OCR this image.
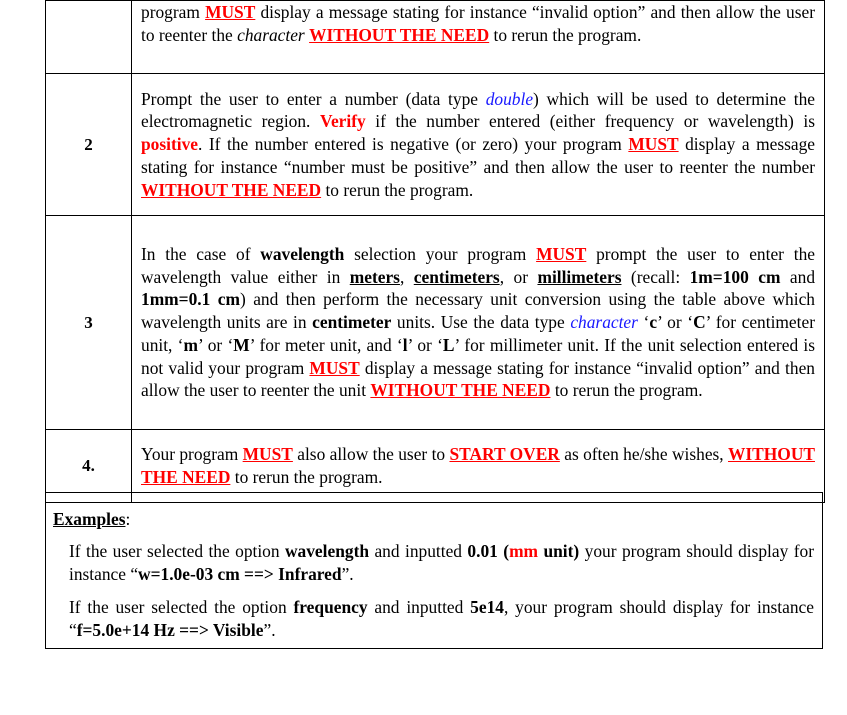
	program MUST display a message stating for instance “invalid option” and then allow the user to reenter the character WITHOUT THE NEED to rerun the program.
2	Prompt the user to enter a number (data type double) which will be used to determine the electromagnetic region. Verify if the number entered (either frequency or wavelength) is positive. If the number entered is negative (or zero) your program MUST display a message stating for instance “number must be positive” and then allow the user to reenter the number WITHOUT THE NEED to rerun the program.
3	In the case of wavelength selection your program MUST prompt the user to enter the wavelength value either in meters, centimeters, or millimeters (recall: 1m=100 cm and 1mm=0.1 cm) and then perform the necessary unit conversion using the table above which wavelength units are in centimeter units. Use the data type character ‘c’ or ‘C’ for centimeter unit, ‘m’ or ‘M’ for meter unit, and ‘l’ or ‘L’ for millimeter unit. If the unit selection entered is not valid your program MUST display a message stating for instance “invalid option” and then allow the user to reenter the unit WITHOUT THE NEED to rerun the program.
4.	Your program MUST also allow the user to START OVER as often he/she wishes, WITHOUT THE NEED to rerun the program.
Examples:
If the user selected the option wavelength and inputted 0.01 (mm unit) your program should display for instance “w=1.0e-03 cm ==> Infrared”.
If the user selected the option frequency and inputted 5e14, your program should display for instance “f=5.0e+14 Hz ==> Visible”.
